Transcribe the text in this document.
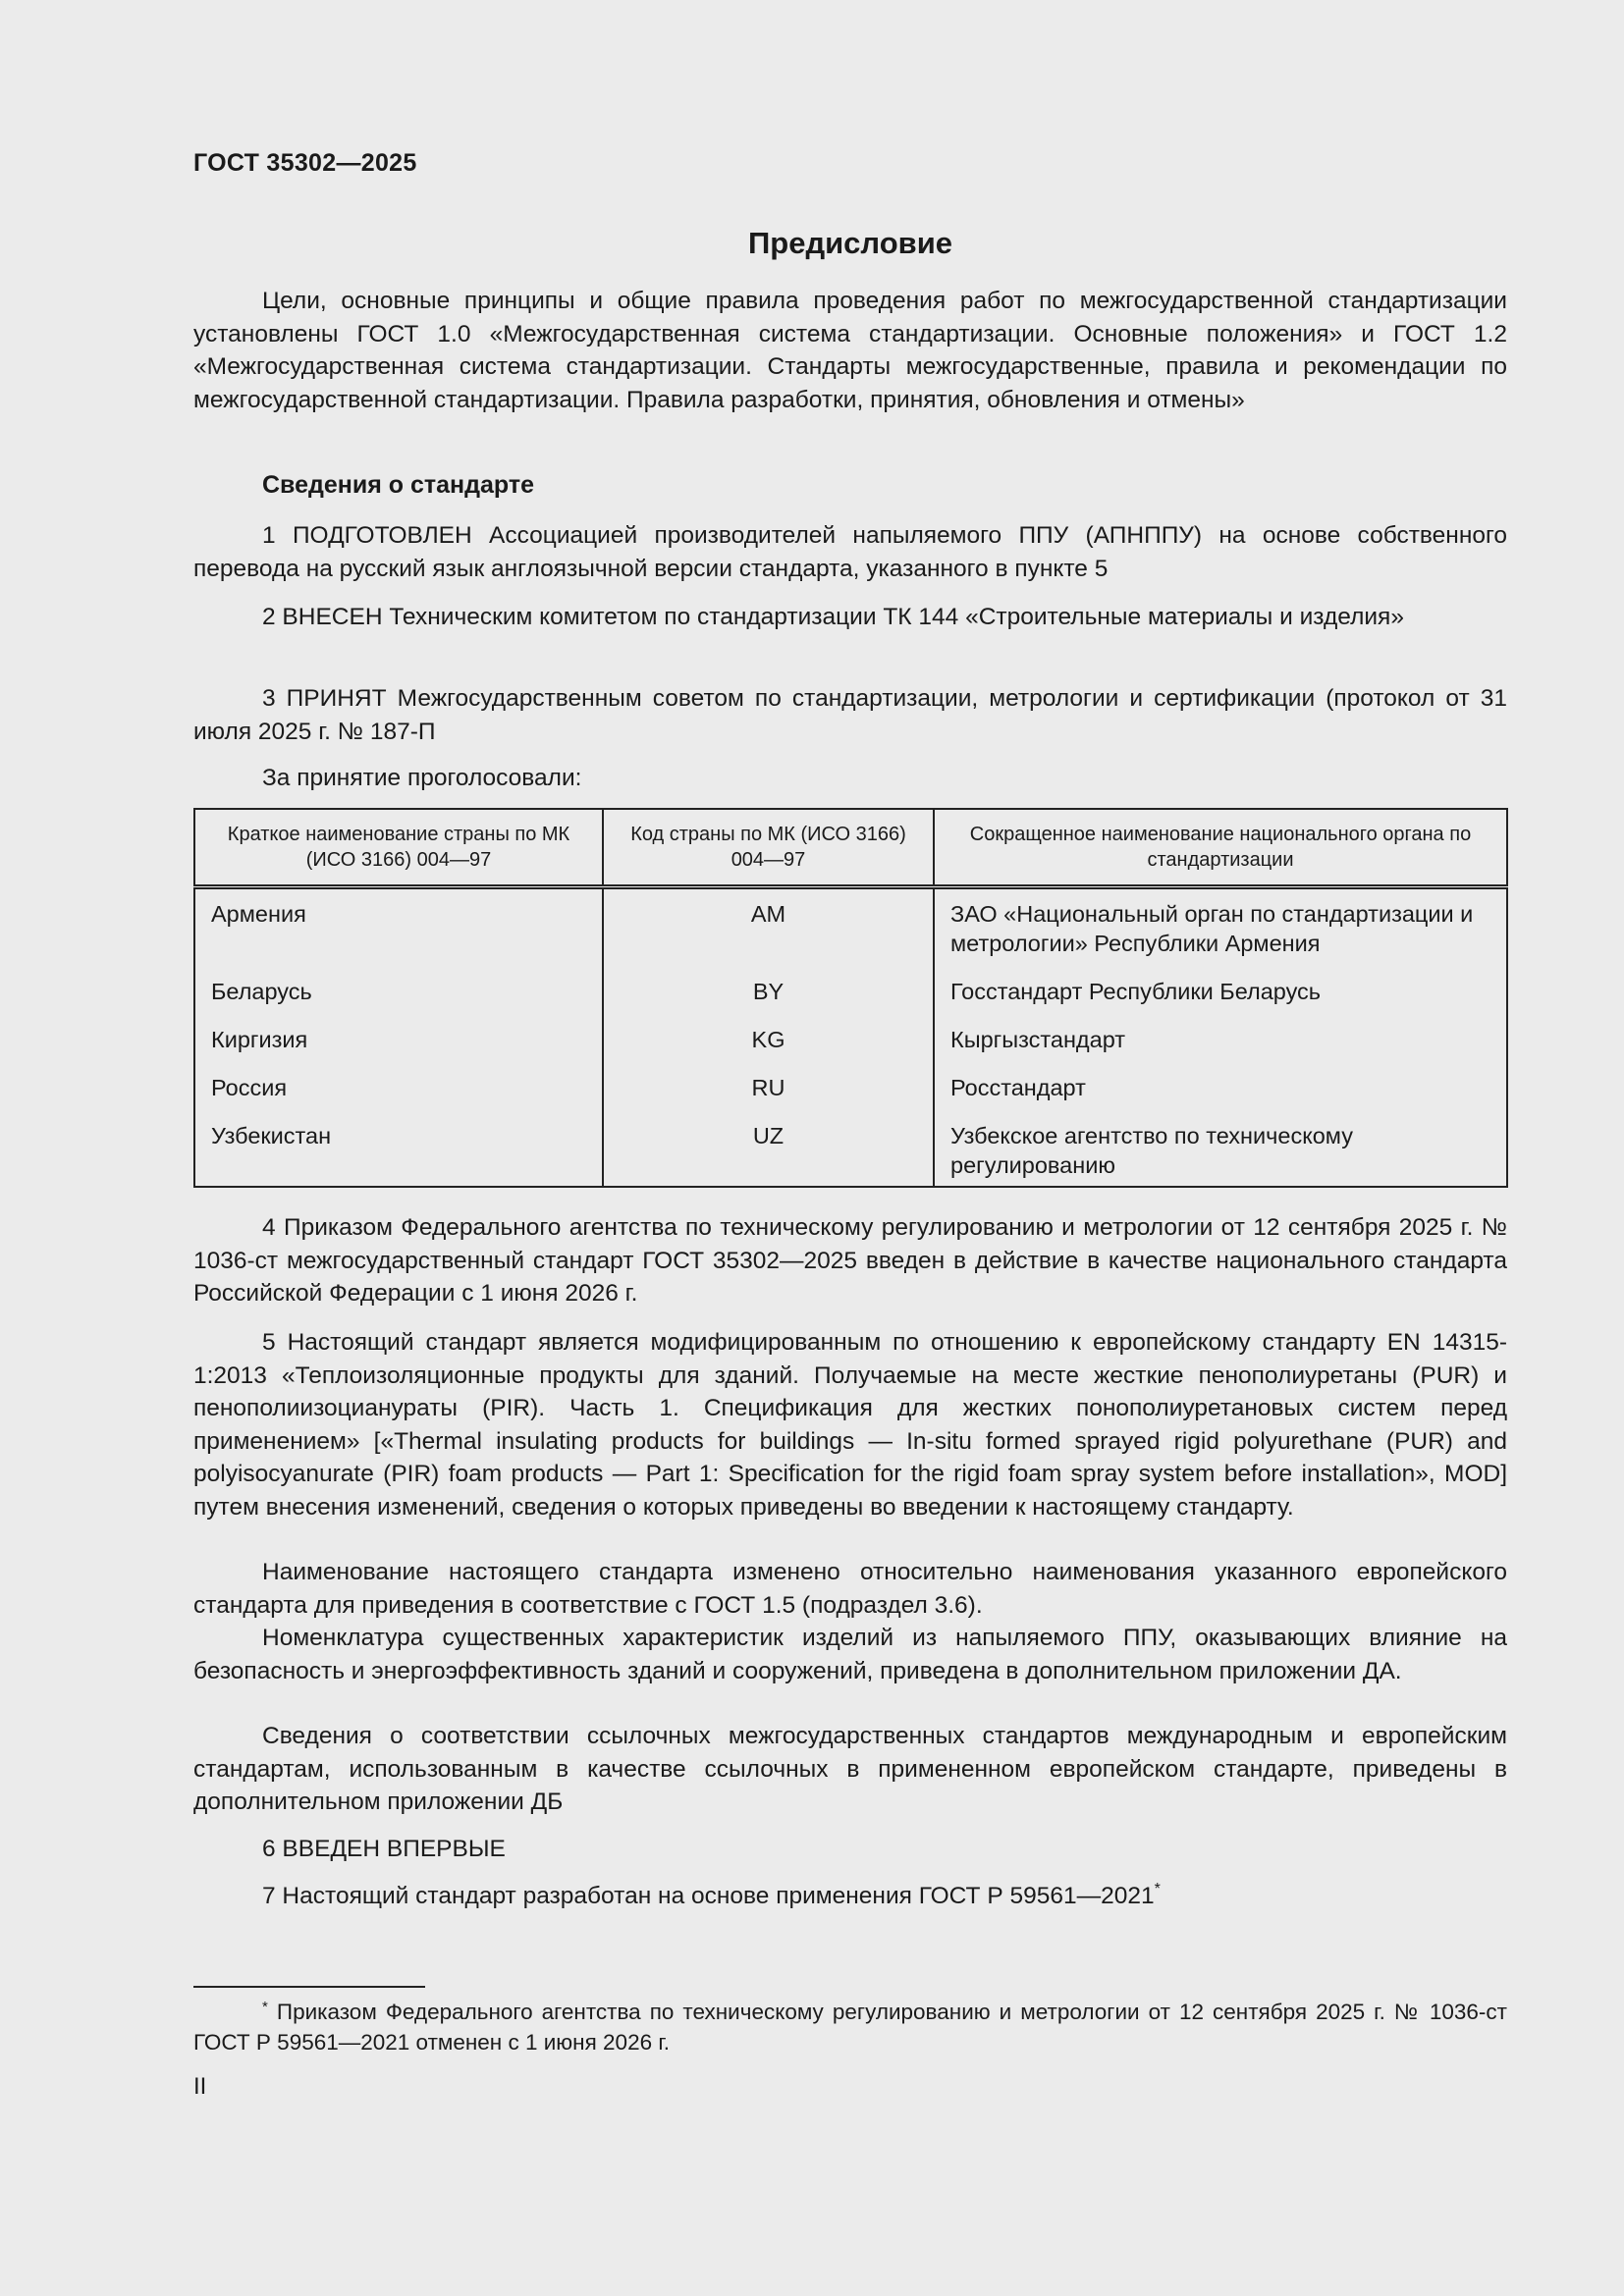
ГОСТ 35302—2025
Предисловие

Цели, основные принципы и общие правила проведения работ по межгосударственной стандартизации установлены ГОСТ 1.0 «Межгосударственная система стандартизации. Основные положения» и ГОСТ 1.2 «Межгосударственная система стандартизации. Стандарты межгосударственные, правила и рекомендации по межгосударственной стандартизации. Правила разработки, принятия, обновления и отмены»

Сведения о стандарте

1 ПОДГОТОВЛЕН Ассоциацией производителей напыляемого ППУ (АПНППУ) на основе собственного перевода на русский язык англоязычной версии стандарта, указанного в пункте 5

2 ВНЕСЕН Техническим комитетом по стандартизации ТК 144 «Строительные материалы и изделия»

3 ПРИНЯТ Межгосударственным советом по стандартизации, метрологии и сертификации (протокол от 31 июля 2025 г. № 187-П

За принятие проголосовали:
Краткое наименование страны по МК (ИСО 3166) 004—97	Код страны по МК (ИСО 3166) 004—97	Сокращенное наименование национального органа по стандартизации
Армения	AM	ЗАО «Национальный орган по стандартизации и метрологии» Республики Армения
Беларусь	BY	Госстандарт Республики Беларусь
Киргизия	KG	Кыргызстандарт
Россия	RU	Росстандарт
Узбекистан	UZ	Узбекское агентство по техническому регулированию

4 Приказом Федерального агентства по техническому регулированию и метрологии от 12 сентября 2025 г. № 1036-ст межгосударственный стандарт ГОСТ 35302—2025 введен в действие в качестве национального стандарта Российской Федерации с 1 июня 2026 г.

5 Настоящий стандарт является модифицированным по отношению к европейскому стандарту EN 14315-1:2013 «Теплоизоляционные продукты для зданий. Получаемые на месте жесткие пенополиуретаны (PUR) и пенополиизоцианураты (PIR). Часть 1. Спецификация для жестких понополиуретановых систем перед применением» [«Thermal insulating products for buildings — In-situ formed sprayed rigid polyurethane (PUR) and polyisocyanurate (PIR) foam products — Part 1: Specification for the rigid foam spray system before installation», MOD] путем внесения изменений, сведения о которых приведены во введении к настоящему стандарту.

Наименование настоящего стандарта изменено относительно наименования указанного европейского стандарта для приведения в соответствие с ГОСТ 1.5 (подраздел 3.6).

Номенклатура существенных характеристик изделий из напыляемого ППУ, оказывающих влияние на безопасность и энергоэффективность зданий и сооружений, приведена в дополнительном приложении ДА.

Сведения о соответствии ссылочных межгосударственных стандартов международным и европейским стандартам, использованным в качестве ссылочных в примененном европейском стандарте, приведены в дополнительном приложении ДБ

6 ВВЕДЕН ВПЕРВЫЕ

7 Настоящий стандарт разработан на основе применения ГОСТ Р 59561—2021*

* Приказом Федерального агентства по техническому регулированию и метрологии от 12 сентября 2025 г. № 1036-ст ГОСТ Р 59561—2021 отменен с 1 июня 2026 г.

II
